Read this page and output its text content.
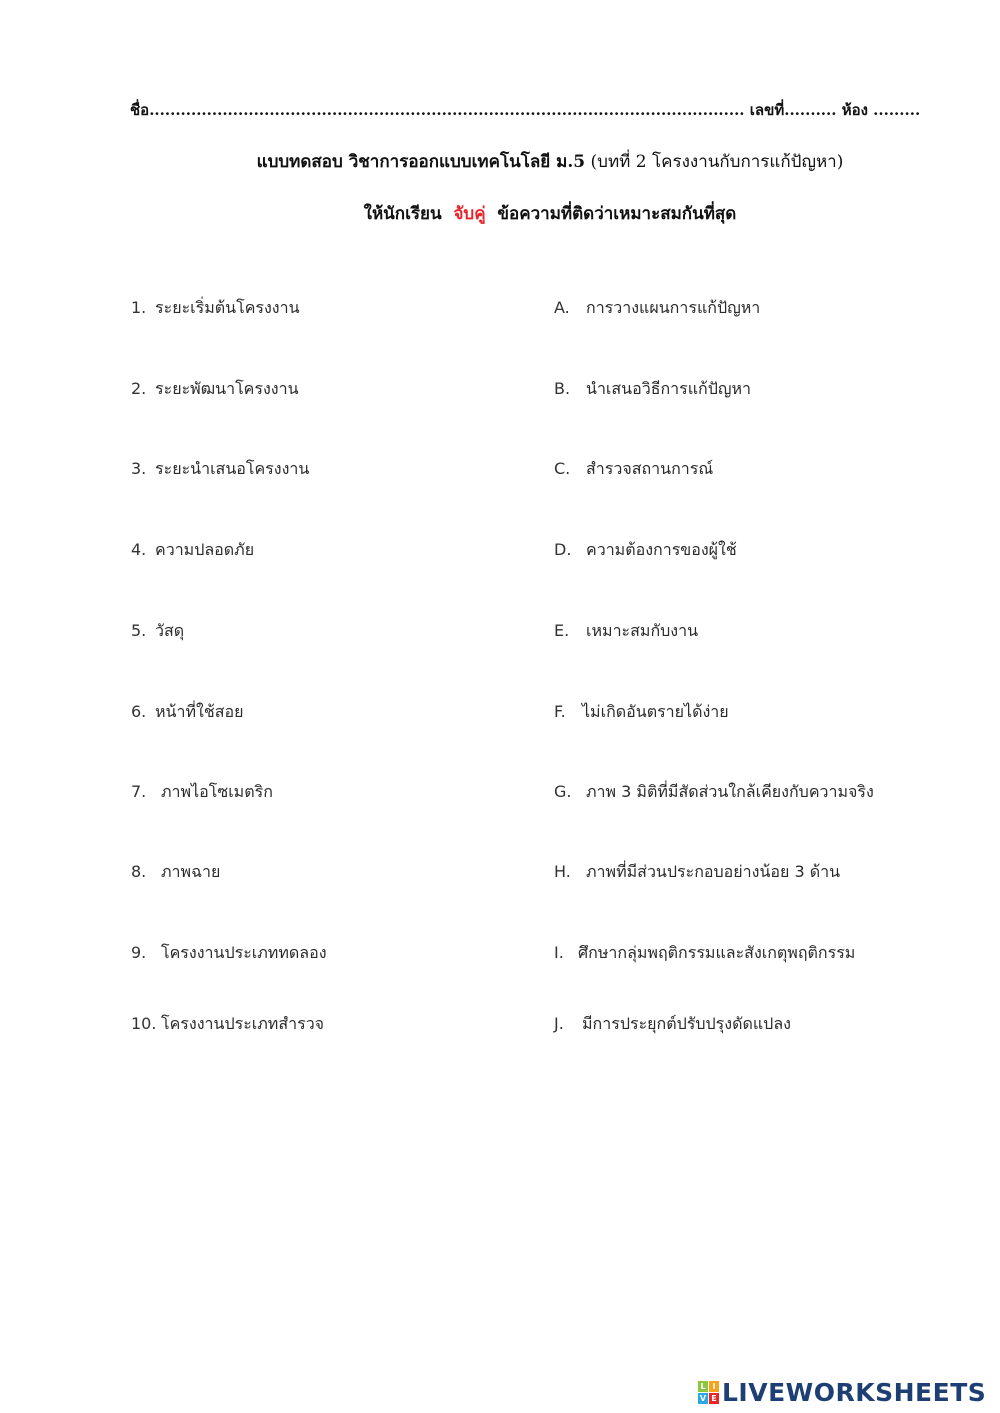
ชื่อ.................................................................................................................. เลขที่.......... ห้อง .........
แบบทดสอบ วิชาการออกแบบเทคโนโลยี ม.5 (บทที่ 2 โครงงานกับการแก้ปัญหา)
ให้นักเรียน จับคู่ ข้อความที่ติดว่าเหมาะสมกันที่สุด
1. ระยะเริ่มต้นโครงงาน
2. ระยะพัฒนาโครงงาน
3. ระยะนำเสนอโครงงาน
4. ความปลอดภัย
5. วัสดุ
6. หน้าที่ใช้สอย
7. ภาพไอโซเมตริก
8. ภาพฉาย
9. โครงงานประเภททดลอง
10. โครงงานประเภทสำรวจ
A. การวางแผนการแก้ปัญหา
B. นำเสนอวิธีการแก้ปัญหา
C. สำรวจสถานการณ์
D. ความต้องการของผู้ใช้
E. เหมาะสมกับงาน
F. ไม่เกิดอันตรายได้ง่าย
G. ภาพ 3 มิติที่มีสัดส่วนใกล้เคียงกับความจริง
H. ภาพที่มีส่วนประกอบอย่างน้อย 3 ด้าน
I. ศึกษากลุ่มพฤติกรรมและสังเกตุพฤติกรรม
J. มีการประยุกต์ปรับปรุงดัดแปลง
L I
V E LIVEWORKSHEETS
